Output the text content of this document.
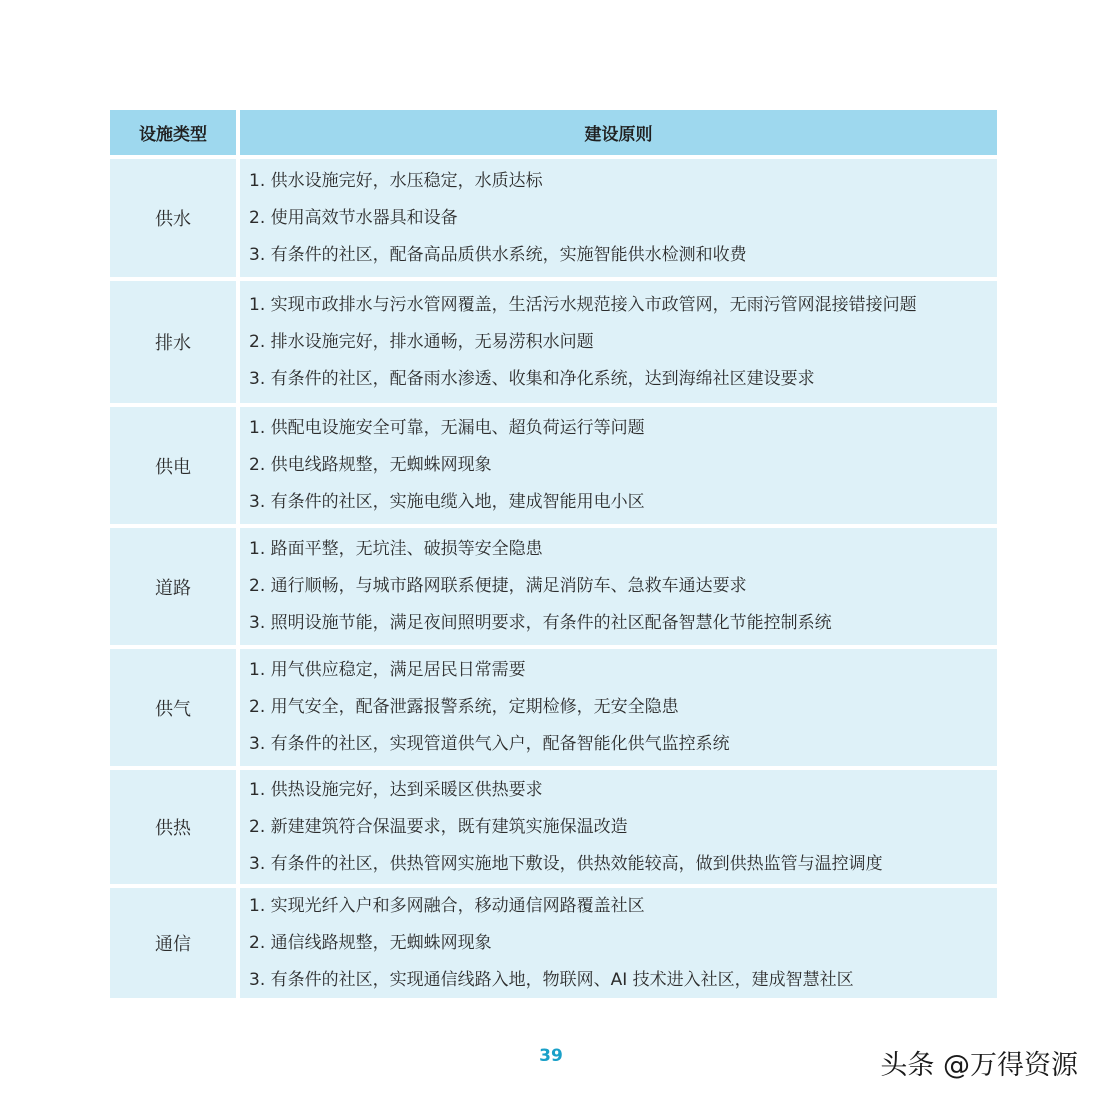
设施类型	建设原则
供水
1. 供水设施完好，水压稳定，水质达标
2. 使用高效节水器具和设备
3. 有条件的社区，配备高品质供水系统，实施智能供水检测和收费
排水
1. 实现市政排水与污水管网覆盖，生活污水规范接入市政管网，无雨污管网混接错接问题
2. 排水设施完好，排水通畅，无易涝积水问题
3. 有条件的社区，配备雨水渗透、收集和净化系统，达到海绵社区建设要求
供电
1. 供配电设施安全可靠，无漏电、超负荷运行等问题
2. 供电线路规整，无蜘蛛网现象
3. 有条件的社区，实施电缆入地，建成智能用电小区
道路
1. 路面平整，无坑洼、破损等安全隐患
2. 通行顺畅，与城市路网联系便捷，满足消防车、急救车通达要求
3. 照明设施节能，满足夜间照明要求，有条件的社区配备智慧化节能控制系统
供气
1. 用气供应稳定，满足居民日常需要
2. 用气安全，配备泄露报警系统，定期检修，无安全隐患
3. 有条件的社区，实现管道供气入户，配备智能化供气监控系统
供热
1. 供热设施完好，达到采暖区供热要求
2. 新建建筑符合保温要求，既有建筑实施保温改造
3. 有条件的社区，供热管网实施地下敷设，供热效能较高，做到供热监管与温控调度
通信
1. 实现光纤入户和多网融合，移动通信网路覆盖社区
2. 通信线路规整，无蜘蛛网现象
3. 有条件的社区，实现通信线路入地，物联网、AI 技术进入社区，建成智慧社区
39	头条 @万得资源
